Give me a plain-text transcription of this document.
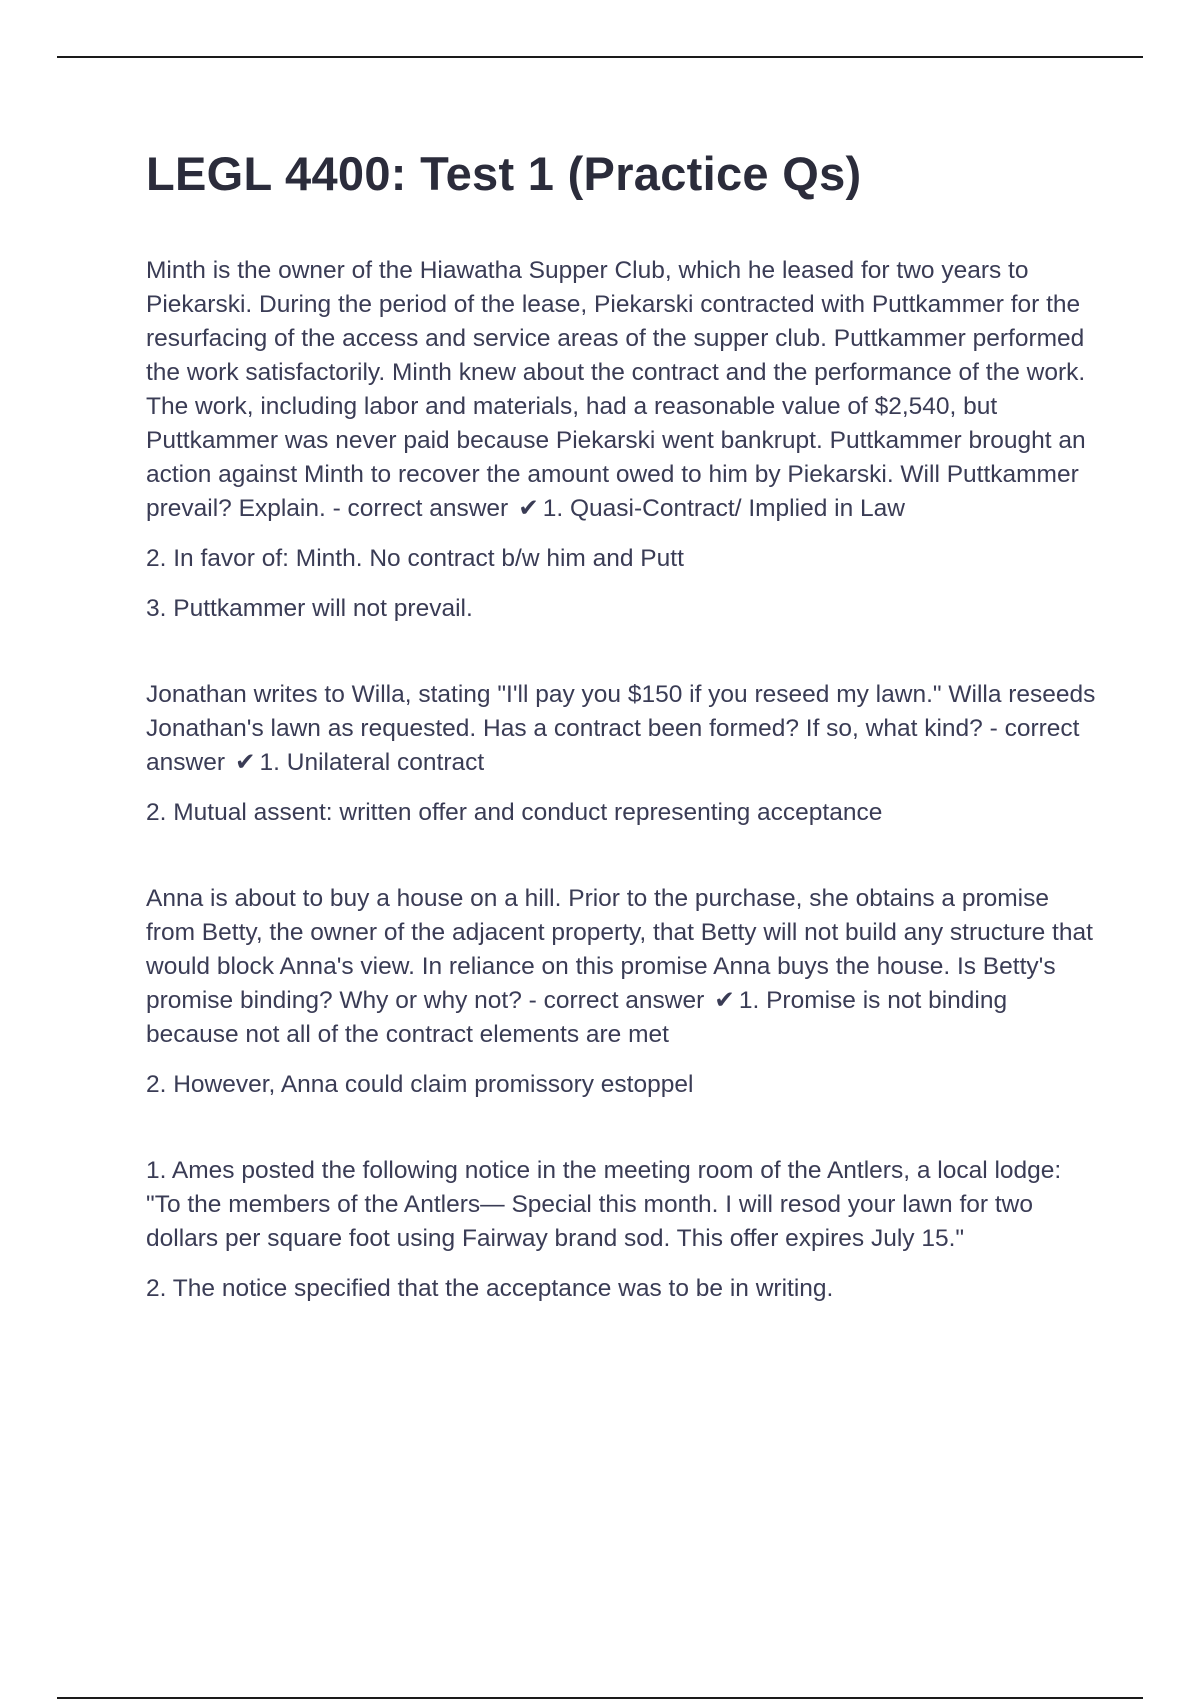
LEGL 4400: Test 1 (Practice Qs)

Minth is the owner of the Hiawatha Supper Club, which he leased for two years to Piekarski. During the period of the lease, Piekarski contracted with Puttkammer for the resurfacing of the access and service areas of the supper club. Puttkammer performed the work satisfactorily. Minth knew about the contract and the performance of the work. The work, including labor and materials, had a reasonable value of $2,540, but Puttkammer was never paid because Piekarski went bankrupt. Puttkammer brought an action against Minth to recover the amount owed to him by Piekarski. Will Puttkammer prevail? Explain. - correct answer ✔ 1. Quasi-Contract/ Implied in Law

2. In favor of: Minth. No contract b/w him and Putt

3. Puttkammer will not prevail.

Jonathan writes to Willa, stating "I'll pay you $150 if you reseed my lawn." Willa reseeds Jonathan's lawn as requested. Has a contract been formed? If so, what kind? - correct answer ✔ 1. Unilateral contract

2. Mutual assent: written offer and conduct representing acceptance

Anna is about to buy a house on a hill. Prior to the purchase, she obtains a promise from Betty, the owner of the adjacent property, that Betty will not build any structure that would block Anna's view. In reliance on this promise Anna buys the house. Is Betty's promise binding? Why or why not? - correct answer ✔ 1. Promise is not binding because not all of the contract elements are met

2. However, Anna could claim promissory estoppel

1. Ames posted the following notice in the meeting room of the Antlers, a local lodge: "To the members of the Antlers— Special this month. I will resod your lawn for two dollars per square foot using Fairway brand sod. This offer expires July 15."

2. The notice specified that the acceptance was to be in writing.
